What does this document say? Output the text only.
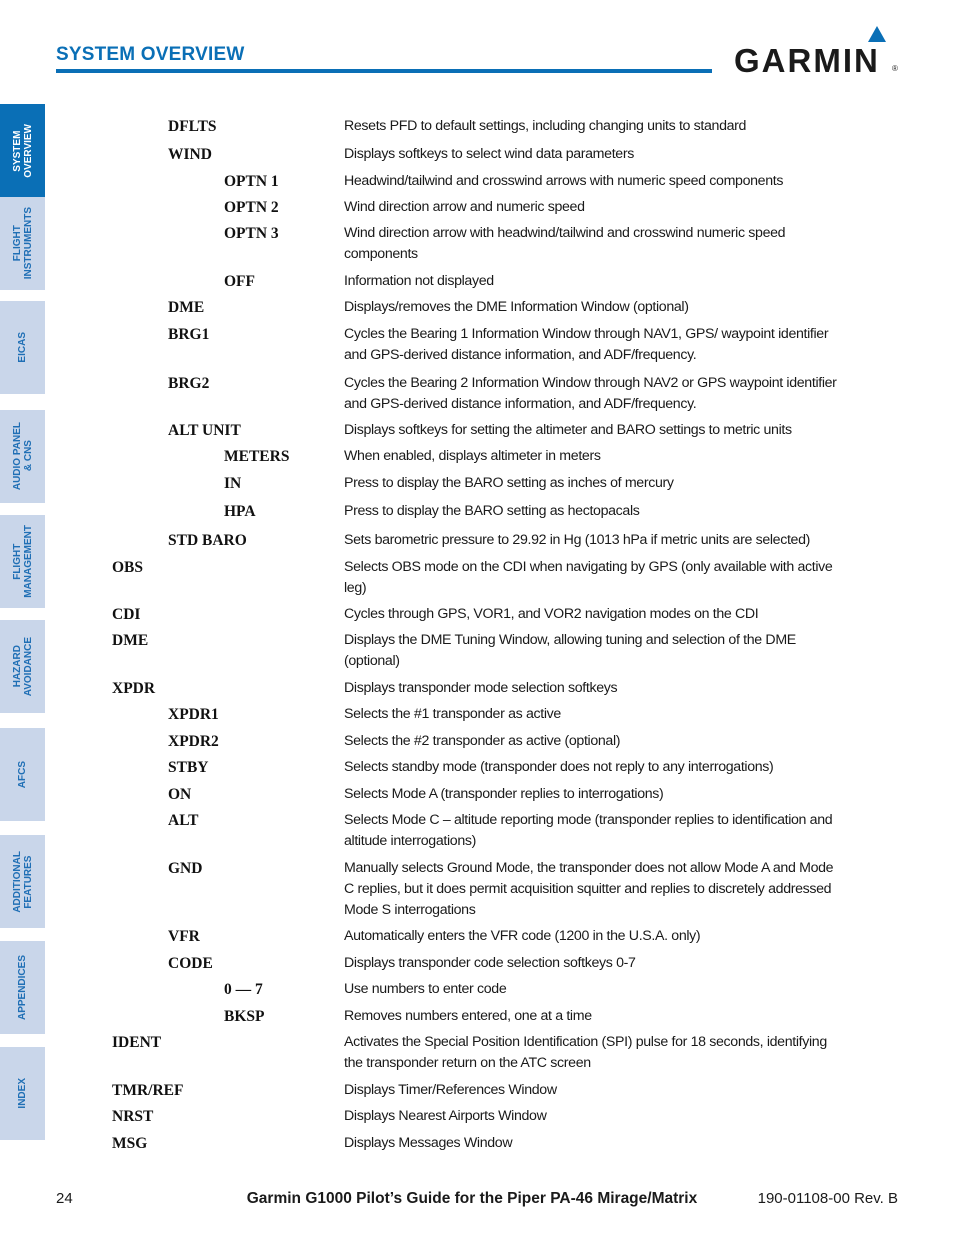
SYSTEM OVERVIEW	GARMIN ®
SYSTEM
OVERVIEW
FLIGHT
INSTRUMENTS
EICAS
AUDIO PANEL
& CNS
FLIGHT
MANAGEMENT
HAZARD
AVOIDANCE
AFCS
ADDITIONAL
FEATURES
APPENDICES
INDEX
DFLTS	Resets PFD to default settings, including changing units to standard
WIND	Displays softkeys to select wind data parameters
OPTN 1	Headwind/tailwind and crosswind arrows with numeric speed components
OPTN 2	Wind direction arrow and numeric speed
OPTN 3	Wind direction arrow with headwind/tailwind and crosswind numeric speed components
OFF	Information not displayed
DME	Displays/removes the DME Information Window (optional)
BRG1	Cycles the Bearing 1 Information Window through NAV1, GPS/ waypoint identifier and GPS-derived distance information, and ADF/frequency.
BRG2	Cycles the Bearing 2 Information Window through NAV2 or GPS waypoint identifier and GPS-derived distance information, and ADF/frequency.
ALT UNIT	Displays softkeys for setting the altimeter and BARO settings to metric units
METERS	When enabled, displays altimeter in meters
IN	Press to display the BARO setting as inches of mercury
HPA	Press to display the BARO setting as hectopacals
STD BARO	Sets barometric pressure to 29.92 in Hg (1013 hPa if metric units are selected)
OBS	Selects OBS mode on the CDI when navigating by GPS (only available with active leg)
CDI	Cycles through GPS, VOR1, and VOR2 navigation modes on the CDI
DME	Displays the DME Tuning Window, allowing tuning and selection of the DME (optional)
XPDR	Displays transponder mode selection softkeys
XPDR1	Selects the #1 transponder as active
XPDR2	Selects the #2 transponder as active (optional)
STBY	Selects standby mode (transponder does not reply to any interrogations)
ON	Selects Mode A (transponder replies to interrogations)
ALT	Selects Mode C – altitude reporting mode (transponder replies to identification and altitude interrogations)
GND	Manually selects Ground Mode, the transponder does not allow Mode A and Mode C replies, but it does permit acquisition squitter and replies to discretely addressed Mode S interrogations
VFR	Automatically enters the VFR code (1200 in the U.S.A. only)
CODE	Displays transponder code selection softkeys 0-7
0 — 7	Use numbers to enter code
BKSP	Removes numbers entered, one at a time
IDENT	Activates the Special Position Identification (SPI) pulse for 18 seconds, identifying the transponder return on the ATC screen
TMR/REF	Displays Timer/References Window
NRST	Displays Nearest Airports Window
MSG	Displays Messages Window
24	Garmin G1000 Pilot’s Guide for the Piper PA-46 Mirage/Matrix	190-01108-00 Rev. B
